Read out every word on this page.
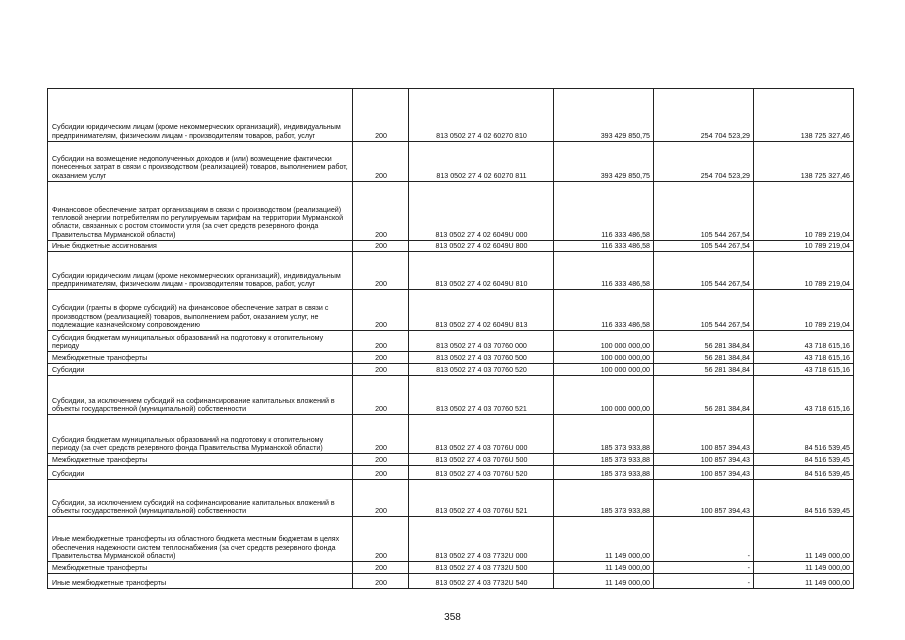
Субсидии юридическим лицам (кроме некоммерческих организаций), индивидуальным предпринимателям, физическим лицам - производителям товаров, работ, услуг	200	813 0502 27 4 02 60270 810	393 429 850,75	254 704 523,29	138 725 327,46
Субсидии на возмещение недополученных доходов и (или) возмещение фактически понесенных затрат в связи с производством (реализацией) товаров, выполнением работ, оказанием услуг	200	813 0502 27 4 02 60270 811	393 429 850,75	254 704 523,29	138 725 327,46
Финансовое обеспечение затрат организациям в связи с производством (реализацией) тепловой энергии потребителям по регулируемым тарифам на территории Мурманской области, связанных с ростом стоимости угля (за счет средств резервного фонда Правительства Мурманской области)	200	813 0502 27 4 02 6049U 000	116 333 486,58	105 544 267,54	10 789 219,04
Иные бюджетные ассигнования	200	813 0502 27 4 02 6049U 800	116 333 486,58	105 544 267,54	10 789 219,04
Субсидии юридическим лицам (кроме некоммерческих организаций), индивидуальным предпринимателям, физическим лицам - производителям товаров, работ, услуг	200	813 0502 27 4 02 6049U 810	116 333 486,58	105 544 267,54	10 789 219,04
Субсидии (гранты в форме субсидий) на финансовое обеспечение затрат в связи с производством (реализацией) товаров, выполнением работ, оказанием услуг, не подлежащие казначейскому сопровождению	200	813 0502 27 4 02 6049U 813	116 333 486,58	105 544 267,54	10 789 219,04
Субсидия бюджетам муниципальных образований на подготовку к отопительному периоду	200	813 0502 27 4 03 70760 000	100 000 000,00	56 281 384,84	43 718 615,16
Межбюджетные трансферты	200	813 0502 27 4 03 70760 500	100 000 000,00	56 281 384,84	43 718 615,16
Субсидии	200	813 0502 27 4 03 70760 520	100 000 000,00	56 281 384,84	43 718 615,16
Субсидии, за исключением субсидий на софинансирование капитальных вложений в объекты государственной (муниципальной) собственности	200	813 0502 27 4 03 70760 521	100 000 000,00	56 281 384,84	43 718 615,16
Субсидия бюджетам муниципальных образований на подготовку к отопительному периоду (за счет средств резервного фонда Правительства Мурманской области)	200	813 0502 27 4 03 7076U 000	185 373 933,88	100 857 394,43	84 516 539,45
Межбюджетные трансферты	200	813 0502 27 4 03 7076U 500	185 373 933,88	100 857 394,43	84 516 539,45
Субсидии	200	813 0502 27 4 03 7076U 520	185 373 933,88	100 857 394,43	84 516 539,45
Субсидии, за исключением субсидий на софинансирование капитальных вложений в объекты государственной (муниципальной) собственности	200	813 0502 27 4 03 7076U 521	185 373 933,88	100 857 394,43	84 516 539,45
Иные межбюджетные трансферты из областного бюджета местным бюджетам в целях обеспечения надежности систем теплоснабжения (за счет средств резервного фонда Правительства Мурманской области)	200	813 0502 27 4 03 7732U 000	11 149 000,00	-	11 149 000,00
Межбюджетные трансферты	200	813 0502 27 4 03 7732U 500	11 149 000,00	-	11 149 000,00
Иные межбюджетные трансферты	200	813 0502 27 4 03 7732U 540	11 149 000,00	-	11 149 000,00
358
